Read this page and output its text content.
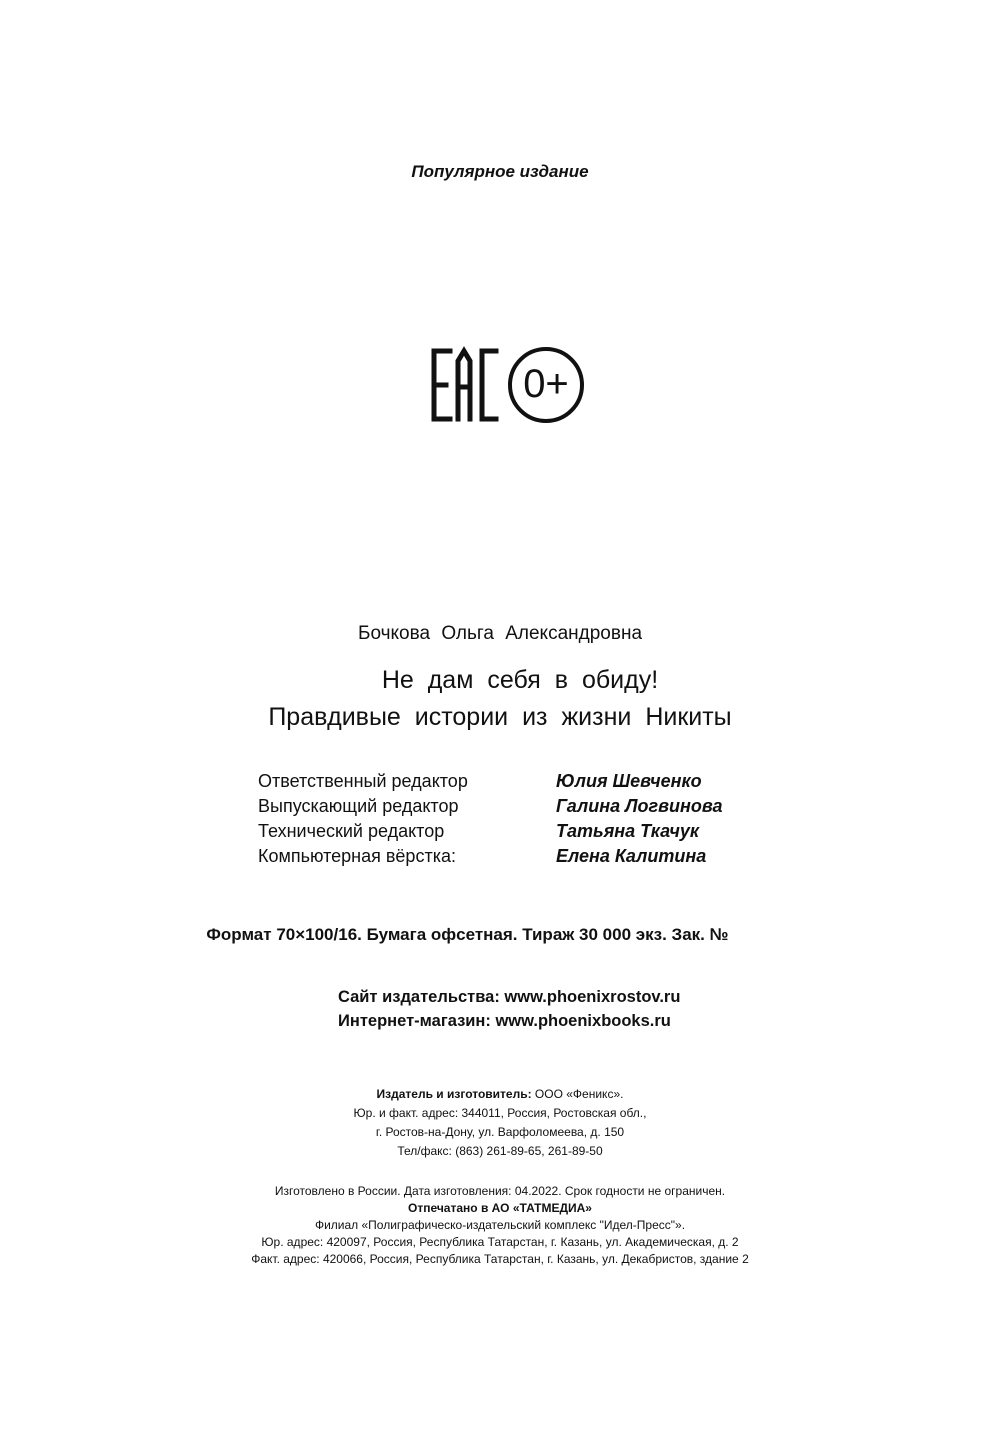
Популярное издание
0+
Бочкова Ольга Александровна
Не дам себя в обиду!
Правдивые истории из жизни Никиты
Ответственный редактор	Юлия Шевченко
Выпускающий редактор	Галина Логвинова
Технический редактор	Татьяна Ткачук
Компьютерная вёрстка:	Елена Калитина
Формат 70×100/16. Бумага офсетная. Тираж 30 000 экз. Зак. №
Сайт издательства: www.phoenixrostov.ru
Интернет-магазин: www.phoenixbooks.ru
Издатель и изготовитель: ООО «Феникс».
Юр. и факт. адрес: 344011, Россия, Ростовская обл.,
г. Ростов-на-Дону, ул. Варфоломеева, д. 150
Тел/факс: (863) 261-89-65, 261-89-50
Изготовлено в России. Дата изготовления: 04.2022. Срок годности не ограничен.
Отпечатано в АО «ТАТМЕДИА»
Филиал «Полиграфическо-издательский комплекс "Идел-Пресс"».
Юр. адрес: 420097, Россия, Республика Татарстан, г. Казань, ул. Академическая, д. 2
Факт. адрес: 420066, Россия, Республика Татарстан, г. Казань, ул. Декабристов, здание 2
